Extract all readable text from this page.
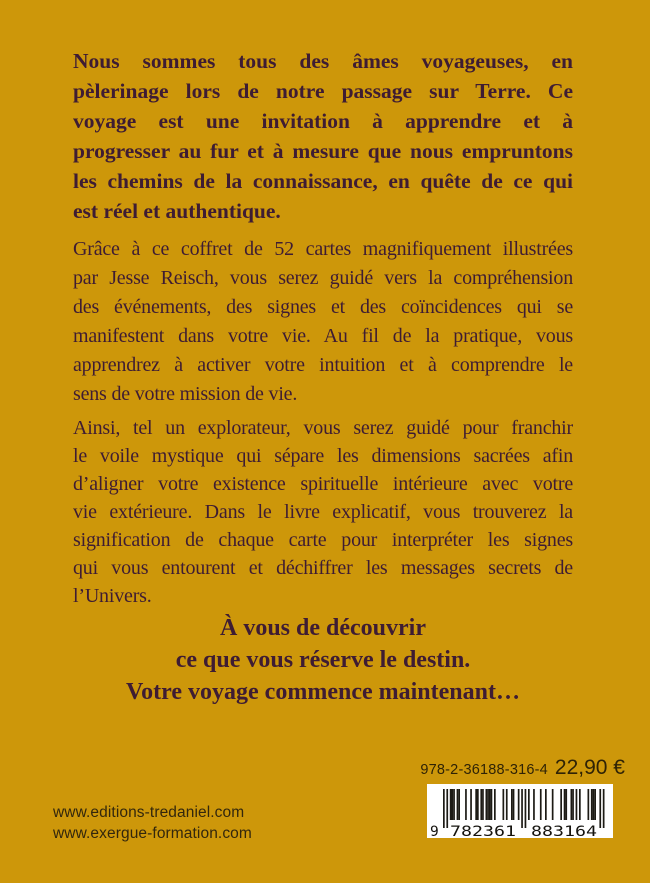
Nous sommes tous des âmes voyageuses, en
pèlerinage lors de notre passage sur Terre. Ce
voyage est une invitation à apprendre et à
progresser au fur et à mesure que nous empruntons
les chemins de la connaissance, en quête de ce qui
est réel et authentique.
Grâce à ce coffret de 52 cartes magnifiquement illustrées
par Jesse Reisch, vous serez guidé vers la compréhension
des événements, des signes et des coïncidences qui se
manifestent dans votre vie. Au fil de la pratique, vous
apprendrez à activer votre intuition et à comprendre le
sens de votre mission de vie.
Ainsi, tel un explorateur, vous serez guidé pour franchir
le voile mystique qui sépare les dimensions sacrées afin
d’aligner votre existence spirituelle intérieure avec votre
vie extérieure. Dans le livre explicatif, vous trouverez la
signification de chaque carte pour interpréter les signes
qui vous entourent et déchiffrer les messages secrets de
l’Univers.
À vous de découvrir
ce que vous réserve le destin.
Votre voyage commence maintenant…
www.editions-tredaniel.com
www.exergue-formation.com
978-2-36188-316-4 22,90 €
9 782361 883164
